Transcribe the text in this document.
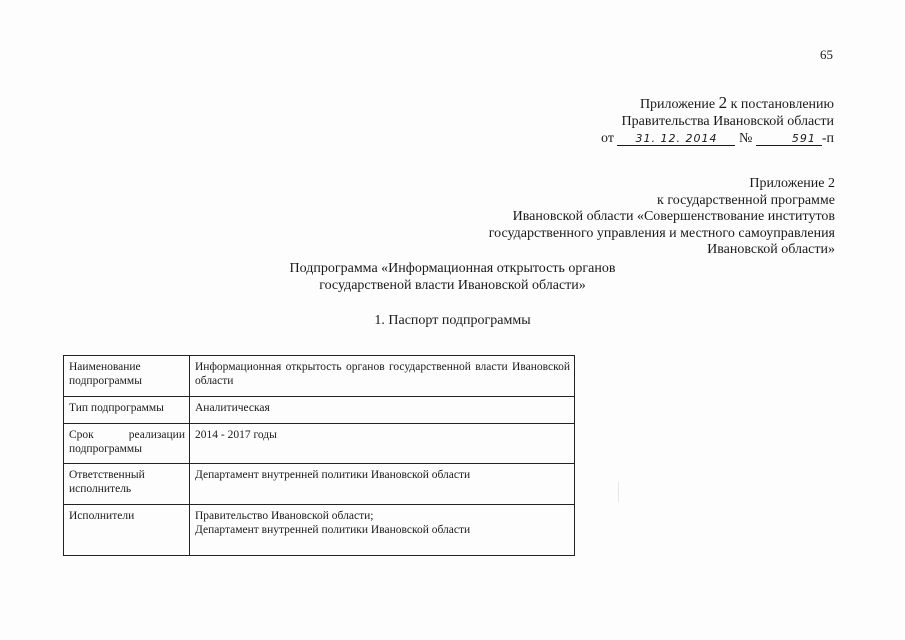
65
Приложение 2 к постановлению
Правительства Ивановской области
от 31. 12. 2014 №	591 -п
Приложение 2
к государственной программе
Ивановской области «Совершенствование институтов
государственного управления и местного самоуправления
Ивановской области»
Подпрограмма «Информационная открытость органов
государственой власти Ивановской области»
1. Паспорт подпрограммы
Наименование подпрограммы	Информационная открытость органов государственной власти Ивановской области
Тип подпрограммы	Аналитическая
Срок реализации подпрограммы	2014 - 2017 годы
Ответственный исполнитель	Департамент внутренней политики Ивановской области
Исполнители	Правительство Ивановской области;
Департамент внутренней политики Ивановской области
